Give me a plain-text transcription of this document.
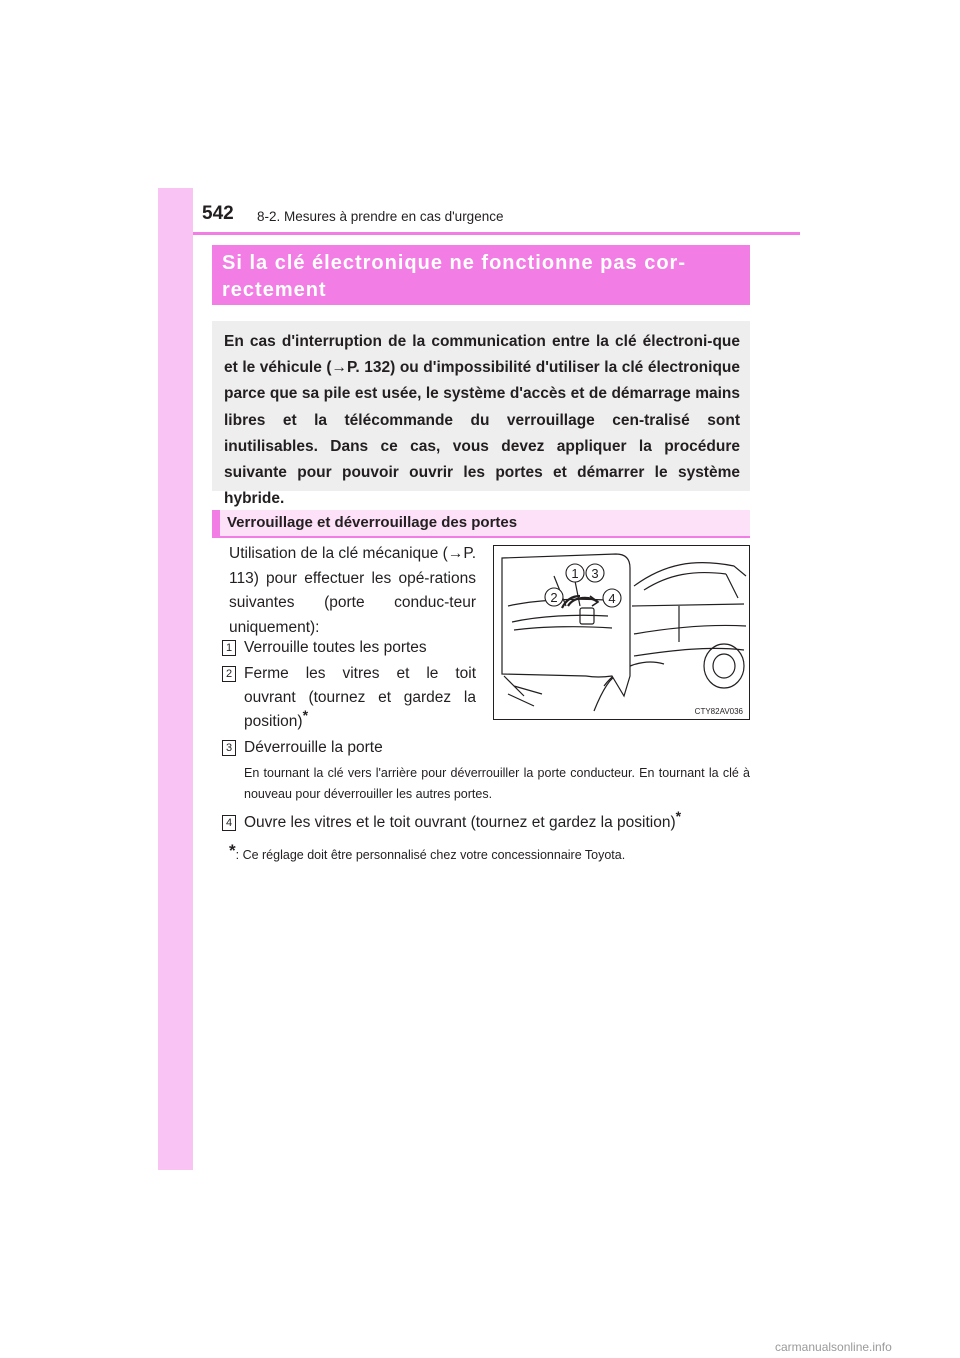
542 8-2. Mesures à prendre en cas d'urgence
Si la clé électronique ne fonctionne pas cor-
rectement
En cas d'interruption de la communication entre la clé électroni-que et le véhicule (→P. 132) ou d'impossibilité d'utiliser la clé électronique parce que sa pile est usée, le système d'accès et de démarrage mains libres et la télécommande du verrouillage cen-tralisé sont inutilisables. Dans ce cas, vous devez appliquer la procédure suivante pour pouvoir ouvrir les portes et démarrer le système hybride.
Verrouillage et déverrouillage des portes
Utilisation de la clé mécanique (→P. 113) pour effectuer les opé-rations suivantes (porte conduc-teur uniquement):
1 Verrouille toutes les portes
2 Ferme les vitres et le toit
ouvrant (tournez et gardez la
position)*
3 Déverrouille la porte
En tournant la clé vers l'arrière pour déverrouiller la porte conducteur. En tournant la clé à nouveau pour déverrouiller les autres portes.
4 Ouvre les vitres et le toit ouvrant (tournez et gardez la position)*
*: Ce réglage doit être personnalisé chez votre concessionnaire Toyota.
1 3
2	4
CTY82AV036
carmanualsonline.info
